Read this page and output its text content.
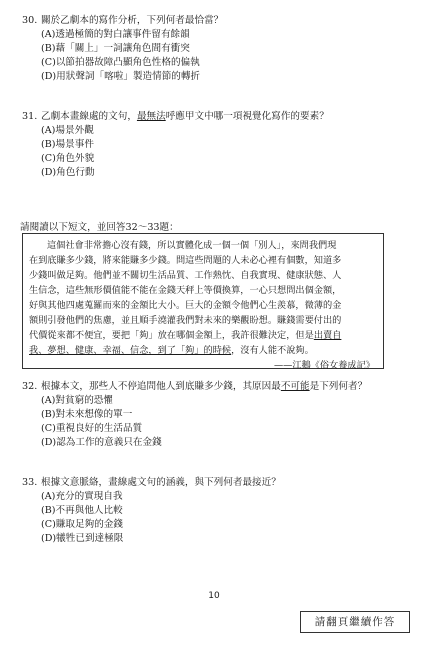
30. 關於乙劇本的寫作分析，下列何者最恰當？
(A)透過極簡的對白讓事件留有餘韻
(B)藉「關上」一詞讓角色間有衝突
(C)以節拍器故障凸顯角色性格的偏執
(D)用狀聲詞「喀啦」製造情節的轉折
31. 乙劇本畫線處的文句，最無法呼應甲文中哪一項視覺化寫作的要素？
(A)場景外觀
(B)場景事件
(C)角色外貌
(D)角色行動
請閱讀以下短文，並回答32～33題：
這個社會非常擔心沒有錢，所以實體化成一個一個「別人」，來問我們現
在到底賺多少錢，將來能賺多少錢。問這些問題的人未必心裡有個數，知道多
少錢叫做足夠。他們並不關切生活品質、工作熱忱、自我實現、健康狀態、人
生信念，這些無形價值能不能在金錢天秤上等價換算，一心只想問出個金額，
好與其他四處蒐羅而來的金額比大小。巨大的金額令他們心生羨慕，微薄的金
額則引發他們的焦慮，並且順手澆灌我們對未來的樂觀盼想。賺錢需要付出的
代價從來都不便宜，要把「夠」放在哪個金額上，我許很難決定，但是出賣自
我、夢想、健康、幸福、信念，到了「夠」的時候，沒有人能不說夠。
——江鵝《俗女養成記》
32. 根據本文，那些人不停追問他人到底賺多少錢，其原因最不可能是下列何者？
(A)對貧窮的恐懼
(B)對未來想像的單一
(C)重視良好的生活品質
(D)認為工作的意義只在金錢
33. 根據文意脈絡，畫線處文句的涵義，與下列何者最接近？
(A)充分的實現自我
(B)不再與他人比較
(C)賺取足夠的金錢
(D)犧牲已到達極限
10
請翻頁繼續作答
